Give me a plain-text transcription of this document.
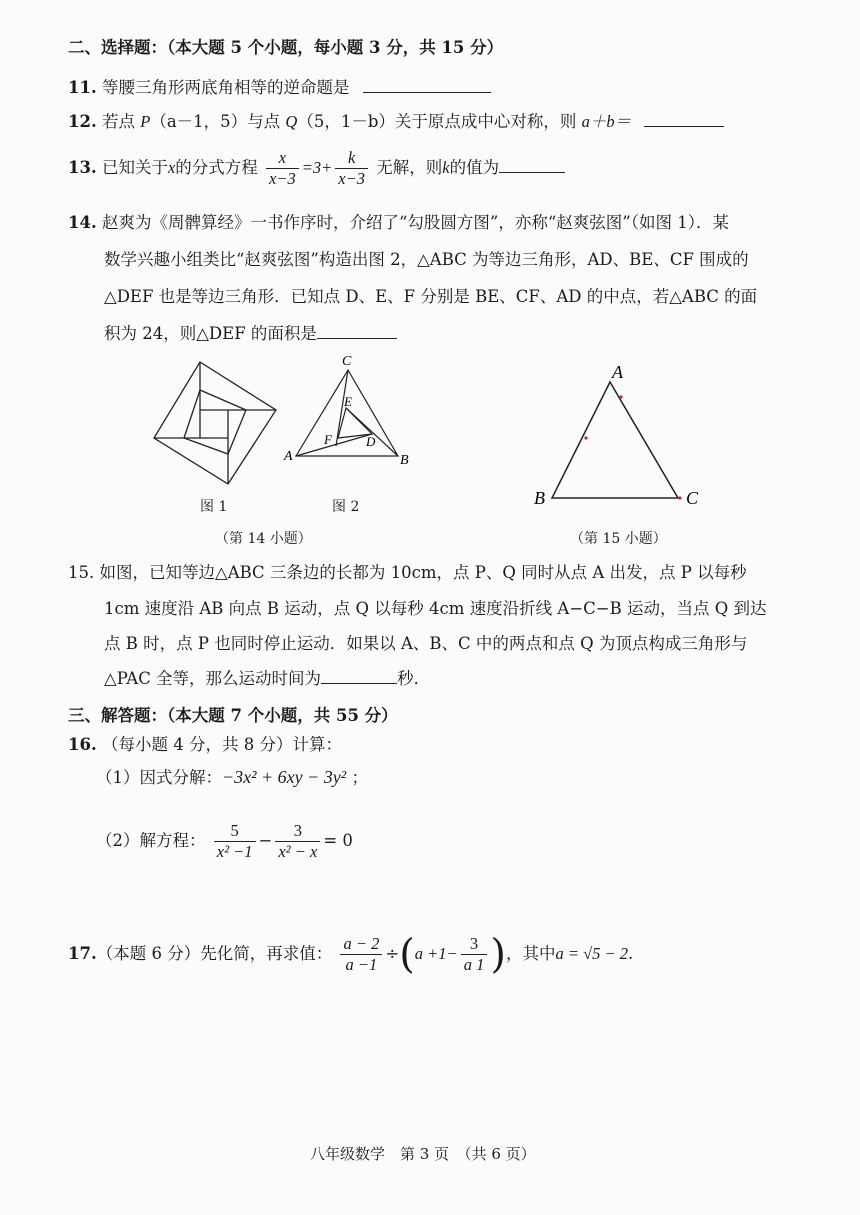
二、选择题：（本大题 5 个小题，每小题 3 分，共 15 分）
11. 等腰三角形两底角相等的逆命题是
12. 若点 P（a－1，5）与点 Q（5，1－b）关于原点成中心对称，则 a＋b＝
13. 已知关于x的分式方程 $\frac{x}{x-3} =3+ \frac{k}{x-3}$ 无解，则k的值为
14. 赵爽为《周髀算经》一书作序时，介绍了“勾股圆方图”，亦称“赵爽弦图”（如图 1）．某
数学兴趣小组类比“赵爽弦图”构造出图 2，△ABC 为等边三角形，AD、BE、CF 围成的
△DEF 也是等边三角形．已知点 D、E、F 分别是 BE、CF、AD 的中点，若△ABC 的面
积为 24，则△DEF 的面积是
图 1
C
A	B
E
D
F
图 2
（第 14 小题）
A
B	C
（第 15 小题）
15. 如图，已知等边△ABC 三条边的长都为 10cm，点 P、Q 同时从点 A 出发，点 P 以每秒
1cm 速度沿 AB 向点 B 运动，点 Q 以每秒 4cm 速度沿折线 A−C−B 运动，当点 Q 到达
点 B 时，点 P 也同时停止运动．如果以 A、B、C 中的两点和点 Q 为顶点构成三角形与
△PAC 全等，那么运动时间为	秒．
三、解答题：（本大题 7 个小题，共 55 分）
16. （每小题 4 分，共 8 分）计算：
（1）因式分解：−3x² + 6xy − 3y² ；
（2）解方程： $\frac{5}{\text{x² −1}} - \frac{3}{\text{x² − x}} = 0$
17.（本题 6 分）先化简，再求值： $\frac{a - 2}{a -1} \div(a +1- \frac{3}{a 1}$ )，其中a = √5 − 2.
八年级数学　第 3 页　（共 6 页）
